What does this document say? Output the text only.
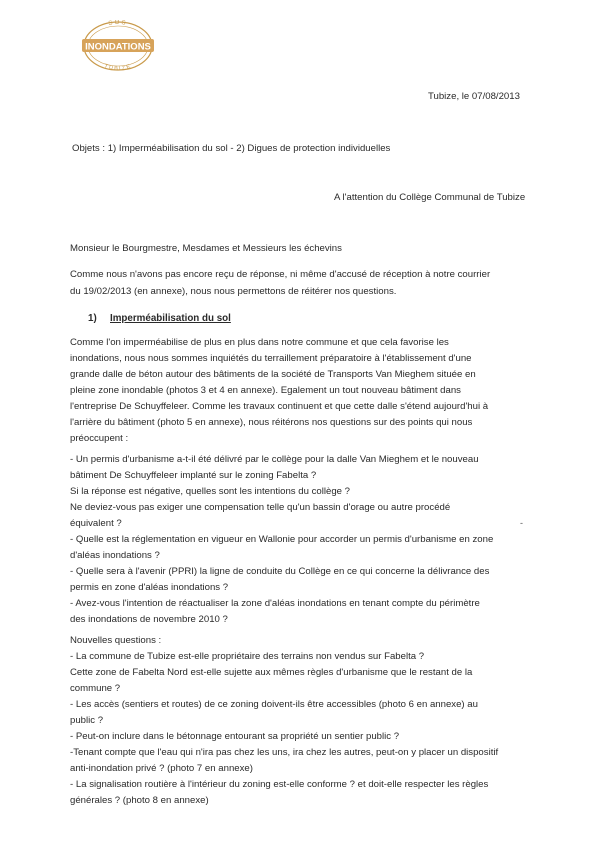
SOS
INONDATIONS
TUBIZE
Tubize, le 07/08/2013
Objets : 1) Imperméabilisation du sol - 2) Digues de protection individuelles
A l'attention du Collège Communal de Tubize
Monsieur le Bourgmestre, Mesdames et Messieurs les échevins
Comme nous n'avons pas encore reçu de réponse, ni même d'accusé de réception à notre courrier
du 19/02/2013 (en annexe), nous nous permettons de réitérer nos questions.
1) Imperméabilisation du sol
Comme l'on imperméabilise de plus en plus dans notre commune et que cela favorise les
inondations, nous nous sommes inquiétés du terraillement préparatoire à l'établissement d'une
grande dalle de béton autour des bâtiments de la société de Transports Van Mieghem située en
pleine zone inondable (photos 3 et 4 en annexe). Egalement un tout nouveau bâtiment dans
l'entreprise De Schuyffeleer. Comme les travaux continuent et que cette dalle s'étend aujourd'hui à
l'arrière du bâtiment (photo 5 en annexe), nous réitérons nos questions sur des points qui nous
préoccupent :
- Un permis d'urbanisme a-t-il été délivré par le collège pour la dalle Van Mieghem et le nouveau
bâtiment De Schuyffeleer implanté sur le zoning Fabelta ?
Si la réponse est négative, quelles sont les intentions du collège ?
Ne deviez-vous pas exiger une compensation telle qu'un bassin d'orage ou autre procédé
équivalent ?
- Quelle est la réglementation en vigueur en Wallonie pour accorder un permis d'urbanisme en zone
d'aléas inondations ?
- Quelle sera à l'avenir (PPRI) la ligne de conduite du Collège en ce qui concerne la délivrance des
permis en zone d'aléas inondations ?
- Avez-vous l'intention de réactualiser la zone d'aléas inondations en tenant compte du périmètre
des inondations de novembre 2010 ?
-
Nouvelles questions :
- La commune de Tubize est-elle propriétaire des terrains non vendus sur Fabelta ?
Cette zone de Fabelta Nord est-elle sujette aux mêmes règles d'urbanisme que le restant de la
commune ?
- Les accès (sentiers et routes) de ce zoning doivent-ils être accessibles (photo 6 en annexe) au
public ?
- Peut-on inclure dans le bétonnage entourant sa propriété un sentier public ?
-Tenant compte que l'eau qui n'ira pas chez les uns, ira chez les autres, peut-on y placer un dispositif
anti-inondation privé ? (photo 7 en annexe)
- La signalisation routière à l'intérieur du zoning est-elle conforme ? et doit-elle respecter les règles
générales ? (photo 8 en annexe)
